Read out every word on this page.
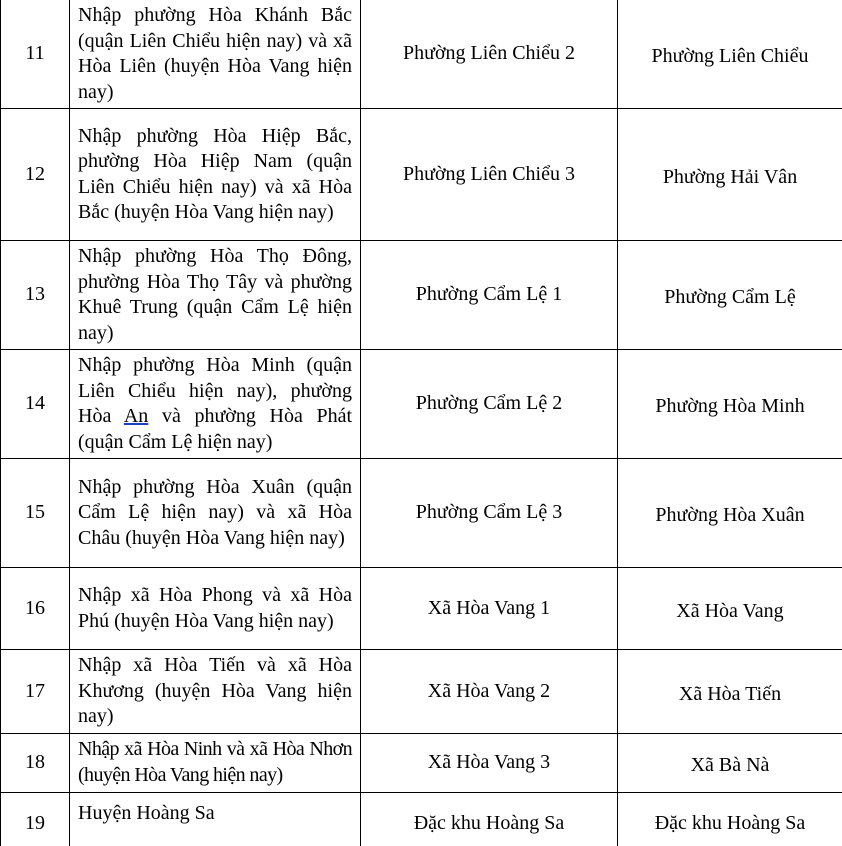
11	Nhập phường Hòa Khánh Bắc (quận Liên Chiểu hiện nay) và xã Hòa Liên (huyện Hòa Vang hiện nay)	Phường Liên Chiểu 2	Phường Liên Chiểu
12	Nhập phường Hòa Hiệp Bắc, phường Hòa Hiệp Nam (quận Liên Chiểu hiện nay) và xã Hòa Bắc (huyện Hòa Vang hiện nay)	Phường Liên Chiểu 3	Phường Hải Vân
13	Nhập phường Hòa Thọ Đông, phường Hòa Thọ Tây và phường Khuê Trung (quận Cẩm Lệ hiện nay)	Phường Cẩm Lệ 1	Phường Cẩm Lệ
14	Nhập phường Hòa Minh (quận Liên Chiểu hiện nay), phường Hòa An và phường Hòa Phát (quận Cẩm Lệ hiện nay)	Phường Cẩm Lệ 2	Phường Hòa Minh
15	Nhập phường Hòa Xuân (quận Cẩm Lệ hiện nay) và xã Hòa Châu (huyện Hòa Vang hiện nay)	Phường Cẩm Lệ 3	Phường Hòa Xuân
16	Nhập xã Hòa Phong và xã Hòa Phú (huyện Hòa Vang hiện nay)	Xã Hòa Vang 1	Xã Hòa Vang
17	Nhập xã Hòa Tiến và xã Hòa Khương (huyện Hòa Vang hiện nay)	Xã Hòa Vang 2	Xã Hòa Tiến
18	Nhập xã Hòa Ninh và xã Hòa Nhơn (huyện Hòa Vang hiện nay)	Xã Hòa Vang 3	Xã Bà Nà
19	Huyện Hoàng Sa	Đặc khu Hoàng Sa	Đặc khu Hoàng Sa
